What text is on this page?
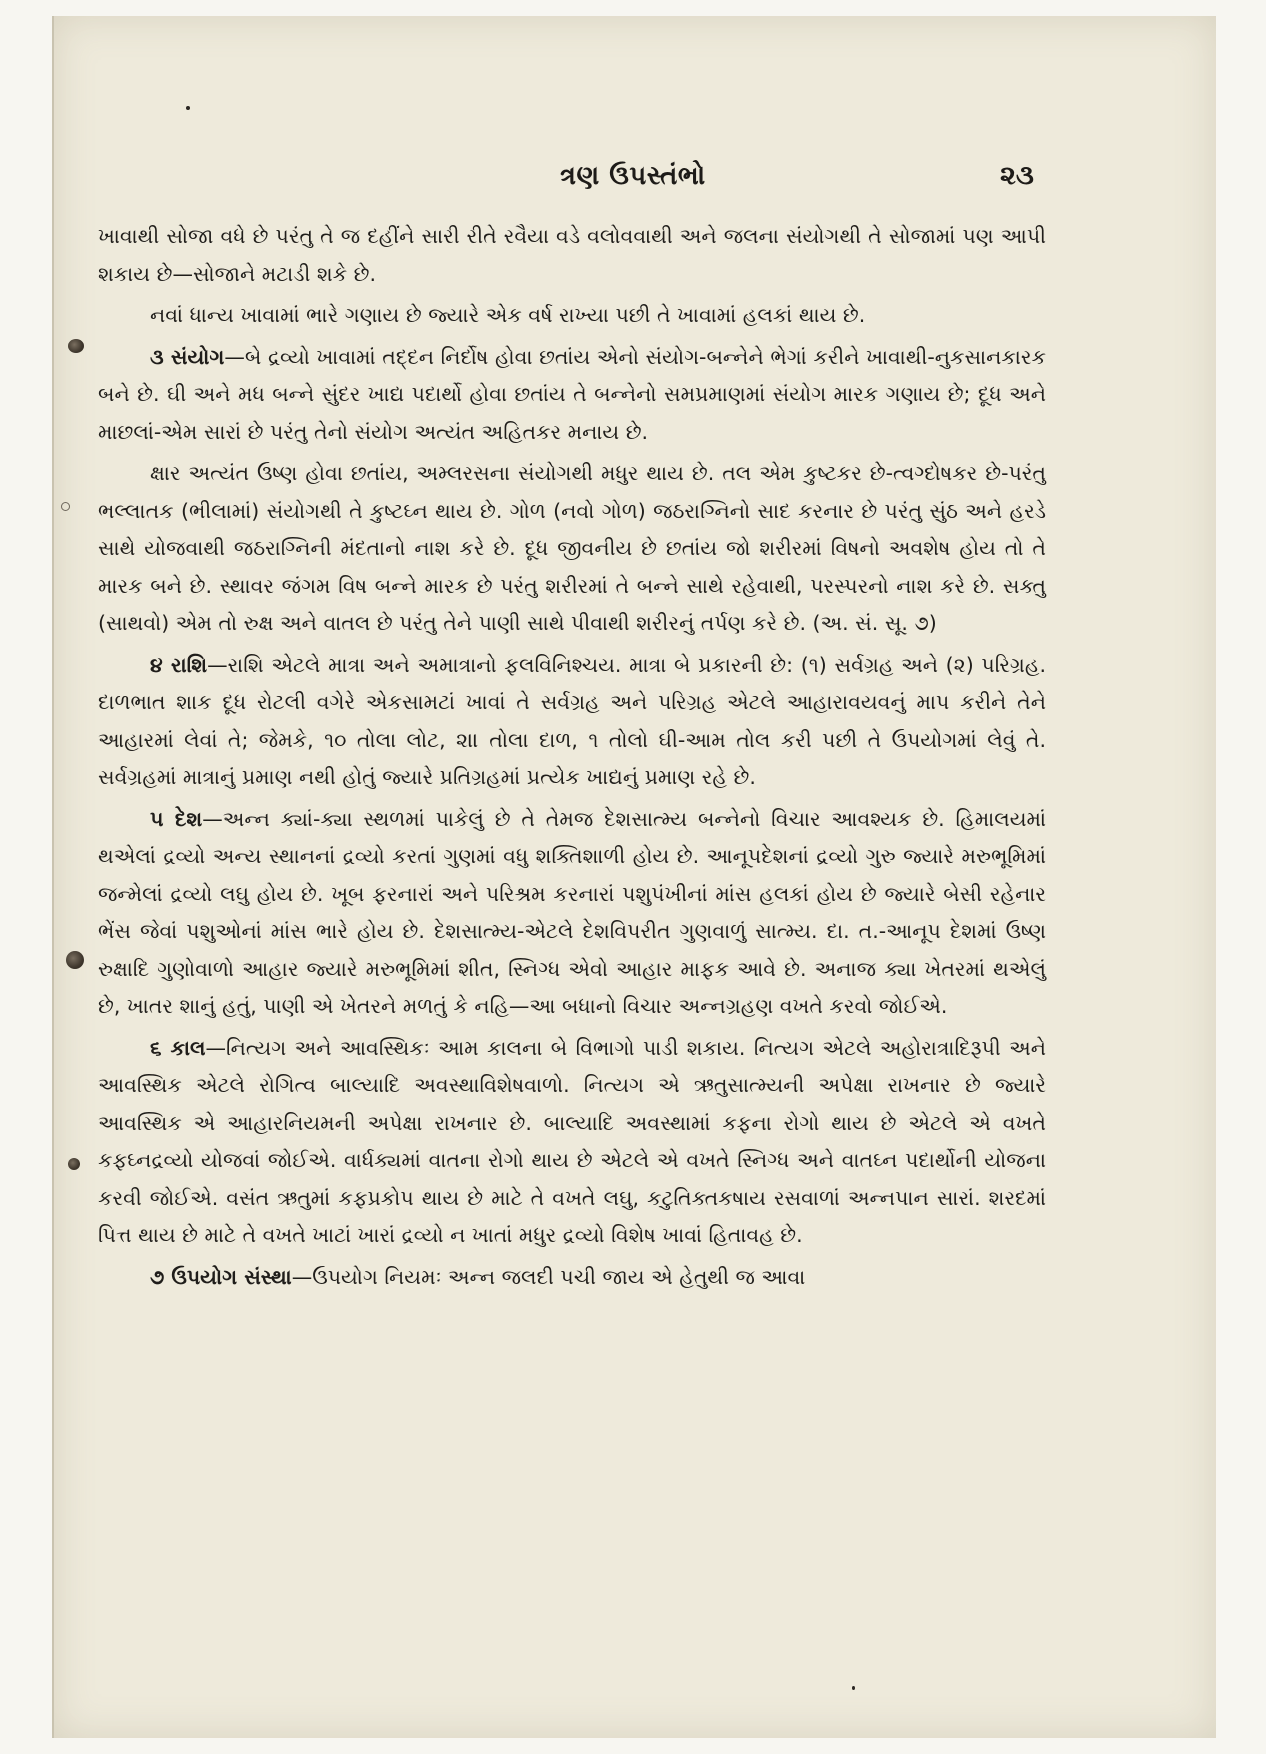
ત્રણ ઉપસ્તંભો	૨૩

ખાવાથી સોજા વધે છે પરંતુ તે જ દહીંને સારી રીતે રવૈયા વડે વલોવવાથી અને જલના સંયોગથી તે સોજામાં પણ આપી શકાય છે—સોજાને મટાડી શકે છે.

નવાં ધાન્ય ખાવામાં ભારે ગણાય છે જ્યારે એક વર્ષ રાખ્યા પછી તે ખાવામાં હલકાં થાય છે.

૩ સંયોગ—બે દ્રવ્યો ખાવામાં તદ્દન નિર્દોષ હોવા છતાંય એનો સંયોગ-બન્નેને ભેગાં કરીને ખાવાથી-નુકસાનકારક બને છે. ઘી અને મધ બન્ને સુંદર ખાદ્ય પદાર્થો હોવા છતાંય તે બન્નેનો સમપ્રમાણમાં સંયોગ મારક ગણાય છે; દૂધ અને માછલાં-એમ સારાં છે પરંતુ તેનો સંયોગ અત્યંત અહિતકર મનાય છે.

ક્ષાર અત્યંત ઉષ્ણ હોવા છતાંય, અમ્લરસના સંયોગથી મધુર થાય છે. તલ એમ કુષ્ટકર છે-ત્વગ્દોષકર છે-પરંતુ ભલ્લાતક (ભીલામાં) સંયોગથી તે કુષ્ટઘ્ન થાય છે. ગોળ (નવો ગોળ) જઠરાગ્નિનો સાદ કરનાર છે પરંતુ સુંઠ અને હરડે સાથે યોજવાથી જઠરાગ્નિની મંદતાનો નાશ કરે છે. દૂધ જીવનીય છે છતાંય જો શરીરમાં વિષનો અવશેષ હોય તો તે મારક બને છે. સ્થાવર જંગમ વિષ બન્ને મારક છે પરંતુ શરીરમાં તે બન્ને સાથે રહેવાથી, પરસ્પરનો નાશ કરે છે. સક્તુ (સાથવો) એમ તો રુક્ષ અને વાતલ છે પરંતુ તેને પાણી સાથે પીવાથી શરીરનું તર્પણ કરે છે. (અ. સં. સૂ. ૭)

૪ રાશિ—રાશિ એટલે માત્રા અને અમાત્રાનો ફલવિનિશ્ચય. માત્રા બે પ્રકારની છે: (૧) સર્વગ્રહ અને (૨) પરિગ્રહ. દાળભાત શાક દૂધ રોટલી વગેરે એકસામટાં ખાવાં તે સર્વગ્રહ અને પરિગ્રહ એટલે આહારાવયવનું માપ કરીને તેને આહારમાં લેવાં તે; જેમકે, ૧૦ તોલા લોટ, ૨॥ તોલા દાળ, ૧ તોલો ઘી-આમ તોલ કરી પછી તે ઉપયોગમાં લેવું તે. સર્વગ્રહમાં માત્રાનું પ્રમાણ નથી હોતું જ્યારે પ્રતિગ્રહમાં પ્રત્યેક ખાદ્યનું પ્રમાણ રહે છે.

૫ દેશ—અન્ન ક્યાં-ક્યા સ્થળમાં પાકેલું છે તે તેમજ દેશસાત્મ્ય બન્નેનો વિચાર આવશ્યક છે. હિમાલયમાં થએલાં દ્રવ્યો અન્ય સ્થાનનાં દ્રવ્યો કરતાં ગુણમાં વધુ શક્તિશાળી હોય છે. આનૂપદેશનાં દ્રવ્યો ગુરુ જ્યારે મરુભૂમિમાં જન્મેલાં દ્રવ્યો લઘુ હોય છે. ખૂબ ફરનારાં અને પરિશ્રમ કરનારાં પશુપંખીનાં માંસ હલકાં હોય છે જ્યારે બેસી રહેનાર ભેંસ જેવાં પશુઓનાં માંસ ભારે હોય છે. દેશસાત્મ્ય-એટલે દેશવિપરીત ગુણવાળું સાત્મ્ય. દા. ત.-આનૂપ દેશમાં ઉષ્ણ રુક્ષાદિ ગુણોવાળો આહાર જ્યારે મરુભૂમિમાં શીત, સ્નિગ્ધ એવો આહાર માફક આવે છે. અનાજ ક્યા ખેતરમાં થએલું છે, ખાતર શાનું હતું, પાણી એ ખેતરને મળતું કે નહિ—આ બધાનો વિચાર અન્નગ્રહણ વખતે કરવો જોઈએ.

૬ કાલ—નિત્યગ અને આવસ્થિકઃ આમ કાલના બે વિભાગો પાડી શકાય. નિત્યગ એટલે અહોરાત્રાદિરૂપી અને આવસ્થિક એટલે રોગિત્વ બાલ્યાદિ અવસ્થાવિશેષવાળો. નિત્યગ એ ઋતુસાત્મ્યની અપેક્ષા રાખનાર છે જ્યારે આવસ્થિક એ આહારનિયમની અપેક્ષા રાખનાર છે. બાલ્યાદિ અવસ્થામાં કફના રોગો થાય છે એટલે એ વખતે કફઘ્નદ્રવ્યો યોજવાં જોઈએ. વાર્ધક્યમાં વાતના રોગો થાય છે એટલે એ વખતે સ્નિગ્ધ અને વાતઘ્ન પદાર્થોની યોજના કરવી જોઈએ. વસંત ઋતુમાં કફપ્રકોપ થાય છે માટે તે વખતે લઘુ, કટુતિક્તકષાય રસવાળાં અન્નપાન સારાં. શરદમાં પિત્ત થાય છે માટે તે વખતે ખાટાં ખારાં દ્રવ્યો ન ખાતાં મધુર દ્રવ્યો વિશેષ ખાવાં હિતાવહ છે.

૭ ઉપયોગ સંસ્થા—ઉપયોગ નિયમઃ અન્ન જલદી પચી જાય એ હેતુથી જ આવા
